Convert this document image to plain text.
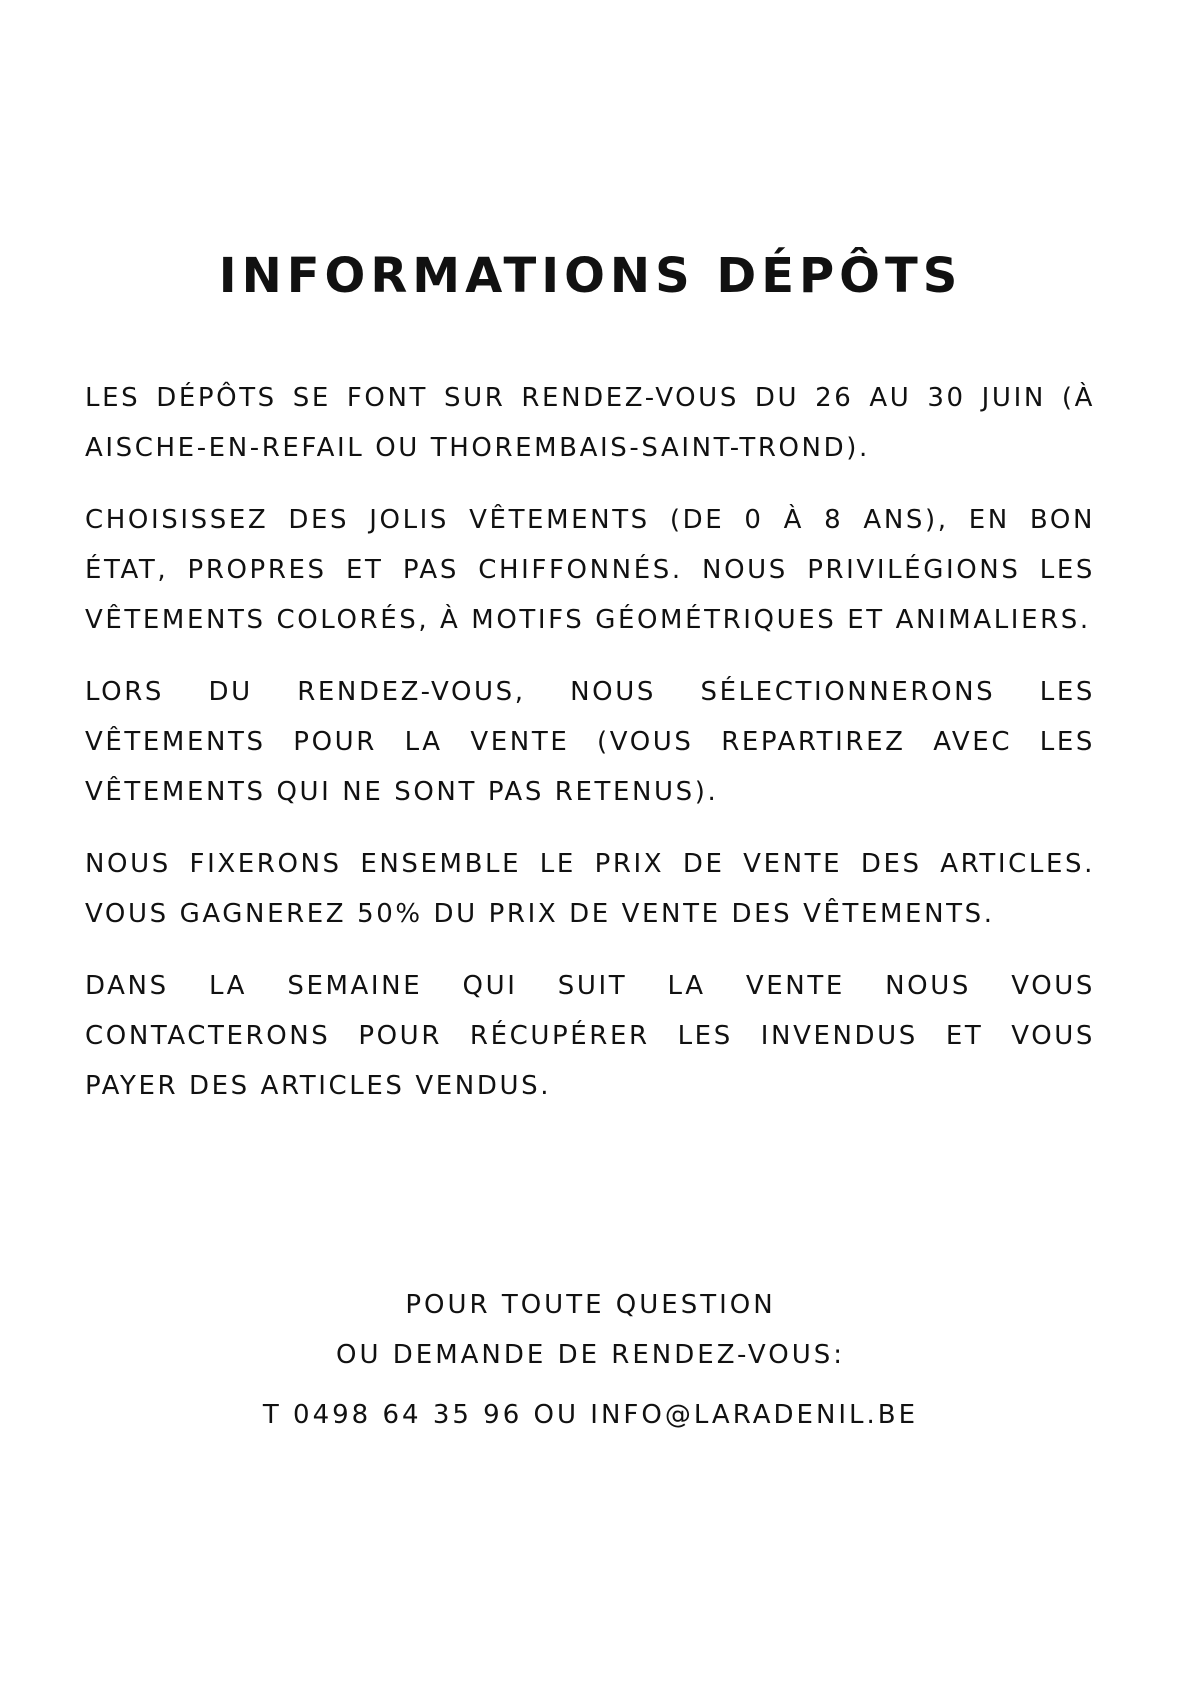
INFORMATIONS DÉPÔTS

LES DÉPÔTS SE FONT SUR RENDEZ-VOUS DU 26 AU 30 JUIN (À AISCHE-EN-REFAIL OU THOREMBAIS-SAINT-TROND).

CHOISISSEZ DES JOLIS VÊTEMENTS (DE 0 À 8 ANS), EN BON ÉTAT, PROPRES ET PAS CHIFFONNÉS. NOUS PRIVILÉGIONS LES VÊTEMENTS COLORÉS, À MOTIFS GÉOMÉTRIQUES ET ANIMALIERS.

LORS DU RENDEZ-VOUS, NOUS SÉLECTIONNERONS LES VÊTEMENTS POUR LA VENTE (VOUS REPARTIREZ AVEC LES VÊTEMENTS QUI NE SONT PAS RETENUS).

NOUS FIXERONS ENSEMBLE LE PRIX DE VENTE DES ARTICLES. VOUS GAGNEREZ 50% DU PRIX DE VENTE DES VÊTEMENTS.

DANS LA SEMAINE QUI SUIT LA VENTE NOUS VOUS CONTACTERONS POUR RÉCUPÉRER LES INVENDUS ET VOUS PAYER DES ARTICLES VENDUS.

POUR TOUTE QUESTION
OU DEMANDE DE RENDEZ-VOUS:
T 0498 64 35 96 OU INFO@LARADENIL.BE
